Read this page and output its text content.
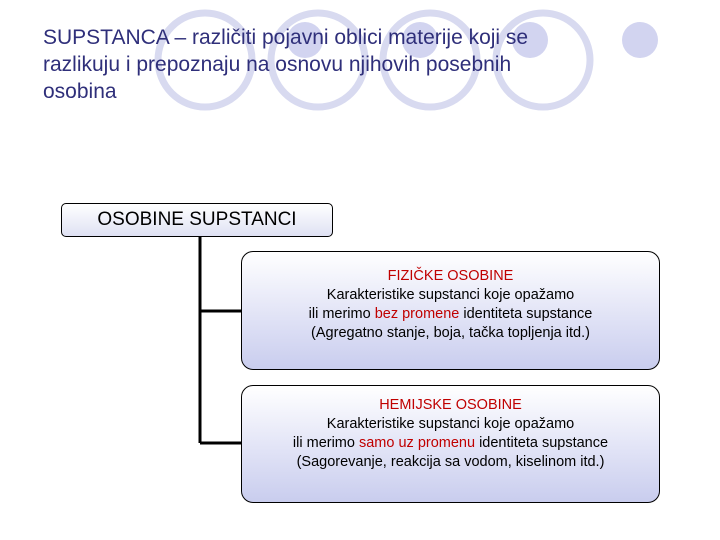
SUPSTANCA – različiti pojavni oblici materije koji se
razlikuju i prepoznaju na osnovu njihovih posebnih
osobina
OSOBINE SUPSTANCI
FIZIČKE OSOBINE
Karakteristike supstanci koje opažamo
ili merimo bez promene identiteta supstance
(Agregatno stanje, boja, tačka topljenja itd.)
HEMIJSKE OSOBINE
Karakteristike supstanci koje opažamo
ili merimo samo uz promenu identiteta supstance
(Sagorevanje, reakcija sa vodom, kiselinom itd.)
